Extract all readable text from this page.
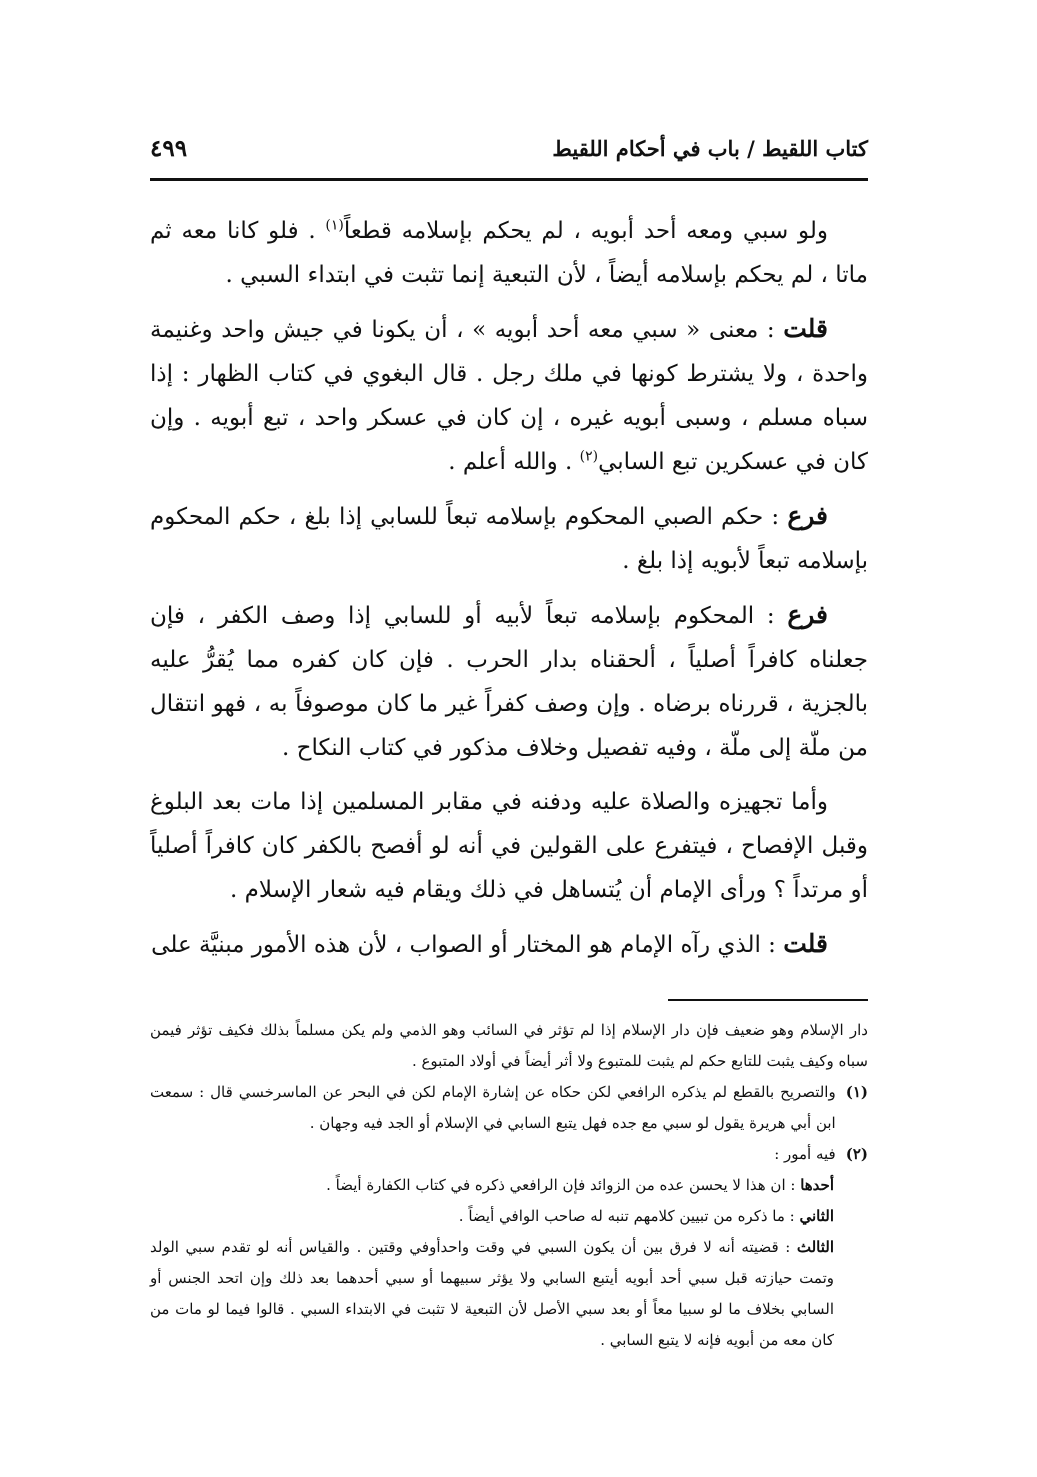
كتاب اللقيط / باب في أحكام اللقيط
٤٩٩

ولو سبي ومعه أحد أبويه ، لم يحكم بإسلامه قطعاً$^{(١)}$ . فلو كانا معه ثم ماتا ، لم يحكم بإسلامه أيضاً ، لأن التبعية إنما تثبت في ابتداء السبي .

قلت : معنى « سبي معه أحد أبويه » ، أن يكونا في جيش واحد وغنيمة واحدة ، ولا يشترط كونها في ملك رجل . قال البغوي في كتاب الظهار : إذا سباه مسلم ، وسبى أبويه غيره ، إن كان في عسكر واحد ، تبع أبويه . وإن كان في عسكرين تبع السابي$^{(٢)}$ . والله أعلم .

فرع : حكم الصبي المحكوم بإسلامه تبعاً للسابي إذا بلغ ، حكم المحكوم بإسلامه تبعاً لأبويه إذا بلغ .

فرع : المحكوم بإسلامه تبعاً لأبيه أو للسابي إذا وصف الكفر ، فإن جعلناه كافراً أصلياً ، ألحقناه بدار الحرب . فإن كان كفره مما يُقرُّ عليه بالجزية ، قررناه برضاه . وإن وصف كفراً غير ما كان موصوفاً به ، فهو انتقال من ملّة إلى ملّة ، وفيه تفصيل وخلاف مذكور في كتاب النكاح .

وأما تجهيزه والصلاة عليه ودفنه في مقابر المسلمين إذا مات بعد البلوغ وقبل الإفصاح ، فيتفرع على القولين في أنه لو أفصح بالكفر كان كافراً أصلياً أو مرتداً ؟ ورأى الإمام أن يُتساهل في ذلك ويقام فيه شعار الإسلام .

قلت : الذي رآه الإمام هو المختار أو الصواب ، لأن هذه الأمور مبنيَّة على

دار الإسلام وهو ضعيف فإن دار الإسلام إذا لم تؤثر في السائب وهو الذمي ولم يكن مسلماً بذلك فكيف تؤثر فيمن سباه وكيف يثبت للتابع حكم لم يثبت للمتبوع ولا أثر أيضاً في أولاد المتبوع .

(١)
والتصريح بالقطع لم يذكره الرافعي لكن حكاه عن إشارة الإمام لكن في البحر عن الماسرخسي قال : سمعت ابن أبي هريرة يقول لو سبي مع جده فهل يتبع السابي في الإسلام أو الجد فيه وجهان .
(٢)
فيه أمور :

أحدها : ان هذا لا يحسن عده من الزوائد فإن الرافعي ذكره في كتاب الكفارة أيضاً .

الثاني : ما ذكره من تبيين كلامهم تنبه له صاحب الوافي أيضاً .

الثالث : قضيته أنه لا فرق بين أن يكون السبي في وقت واحدأوفي وقتين . والقياس أنه لو تقدم سبي الولد وتمت حيازته قبل سبي أحد أبويه أيتبع السابي ولا يؤثر سبيهما أو سبي أحدهما بعد ذلك وإن اتحد الجنس أو السابي بخلاف ما لو سبيا معاً أو بعد سبي الأصل لأن التبعية لا تثبت في الابتداء السبي . قالوا فيما لو مات من كان معه من أبويه فإنه لا يتبع السابي .
